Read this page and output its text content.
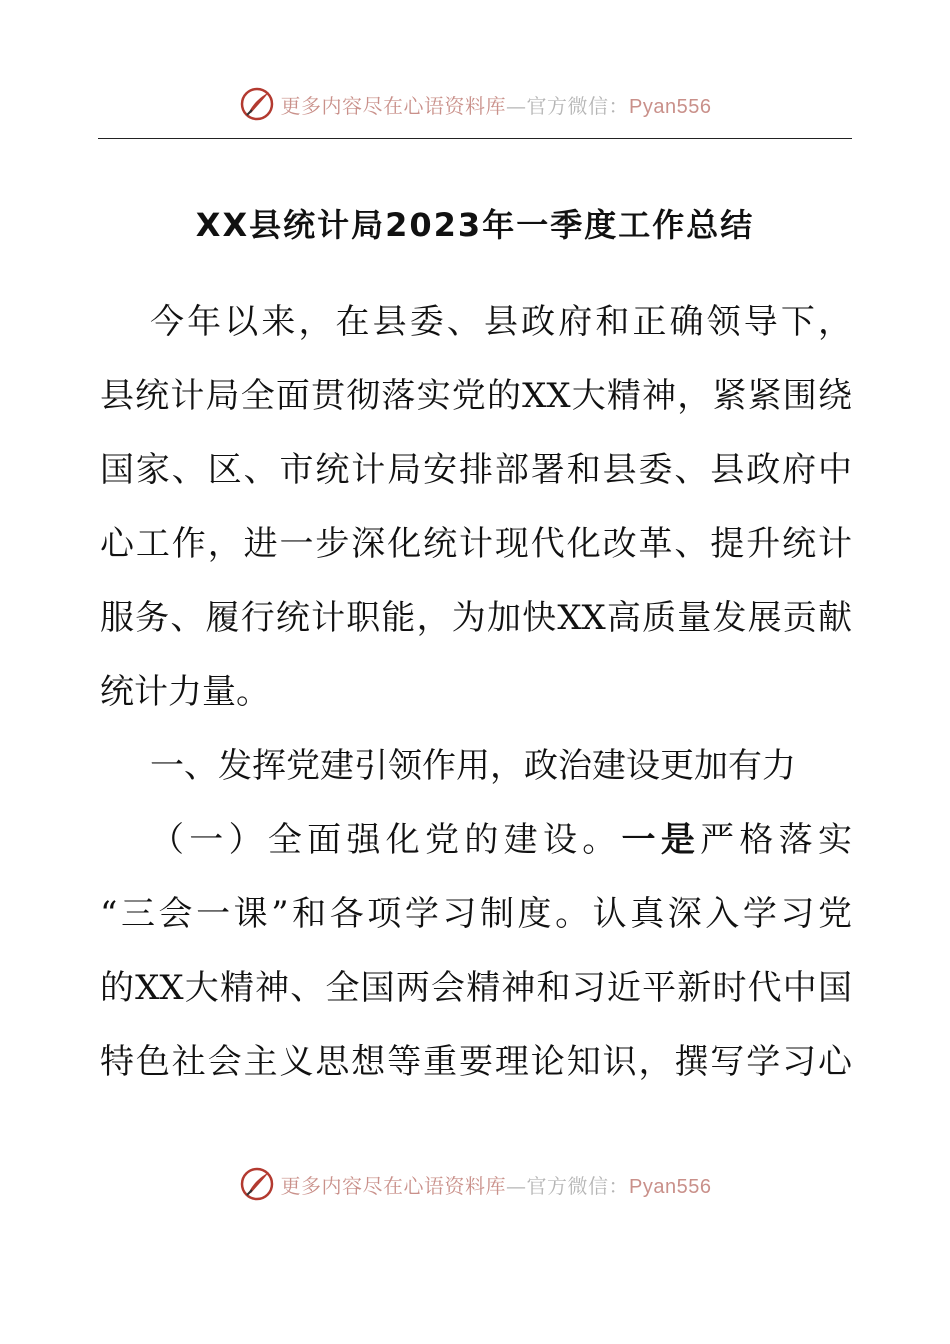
更多内容尽在心语资料库—官方微信：Pyan556
XX县统计局2023年一季度工作总结
今年以来，在县委、县政府和正确领导下，
县统计局全面贯彻落实党的XX大精神，紧紧围绕
国家、区、市统计局安排部署和县委、县政府中
心工作，进一步深化统计现代化改革、提升统计
服务、履行统计职能，为加快XX高质量发展贡献
统计力量。
一、发挥党建引领作用，政治建设更加有力
（一）全面强化党的建设。一是严格落实
“三会一课”和各项学习制度。认真深入学习党
的XX大精神、全国两会精神和习近平新时代中国
特色社会主义思想等重要理论知识，撰写学习心
更多内容尽在心语资料库—官方微信：Pyan556
